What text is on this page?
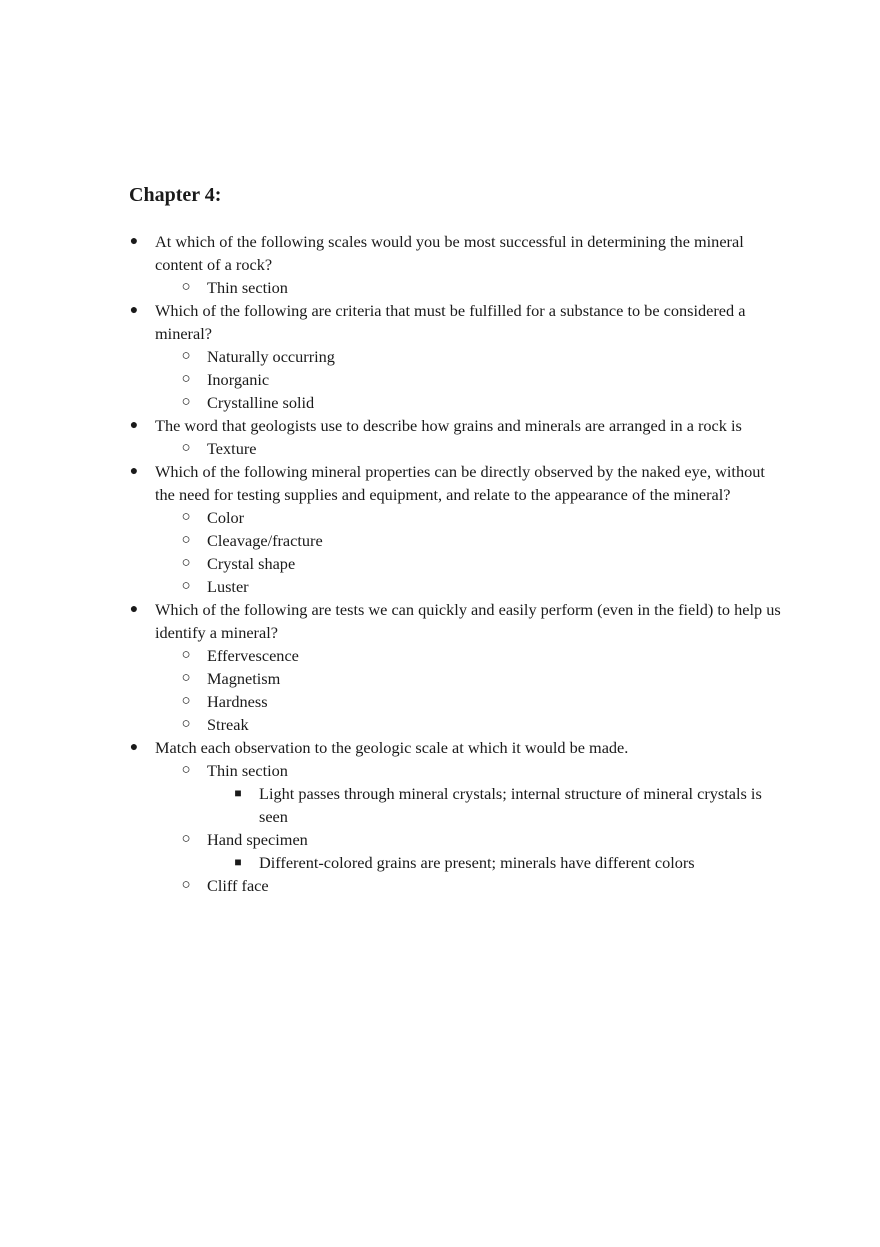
Chapter 4:
● At which of the following scales would you be most successful in determining the mineral content of a rock?
○ Thin section
● Which of the following are criteria that must be fulfilled for a substance to be considered a mineral?
○ Naturally occurring
○ Inorganic
○ Crystalline solid
● The word that geologists use to describe how grains and minerals are arranged in a rock is
○ Texture
● Which of the following mineral properties can be directly observed by the naked eye, without the need for testing supplies and equipment, and relate to the appearance of the mineral?
○ Color
○ Cleavage/fracture
○ Crystal shape
○ Luster
● Which of the following are tests we can quickly and easily perform (even in the field) to help us identify a mineral?
○ Effervescence
○ Magnetism
○ Hardness
○ Streak
● Match each observation to the geologic scale at which it would be made.
○ Thin section
■ Light passes through mineral crystals; internal structure of mineral crystals is seen
○ Hand specimen
■ Different-colored grains are present; minerals have different colors
○ Cliff face
